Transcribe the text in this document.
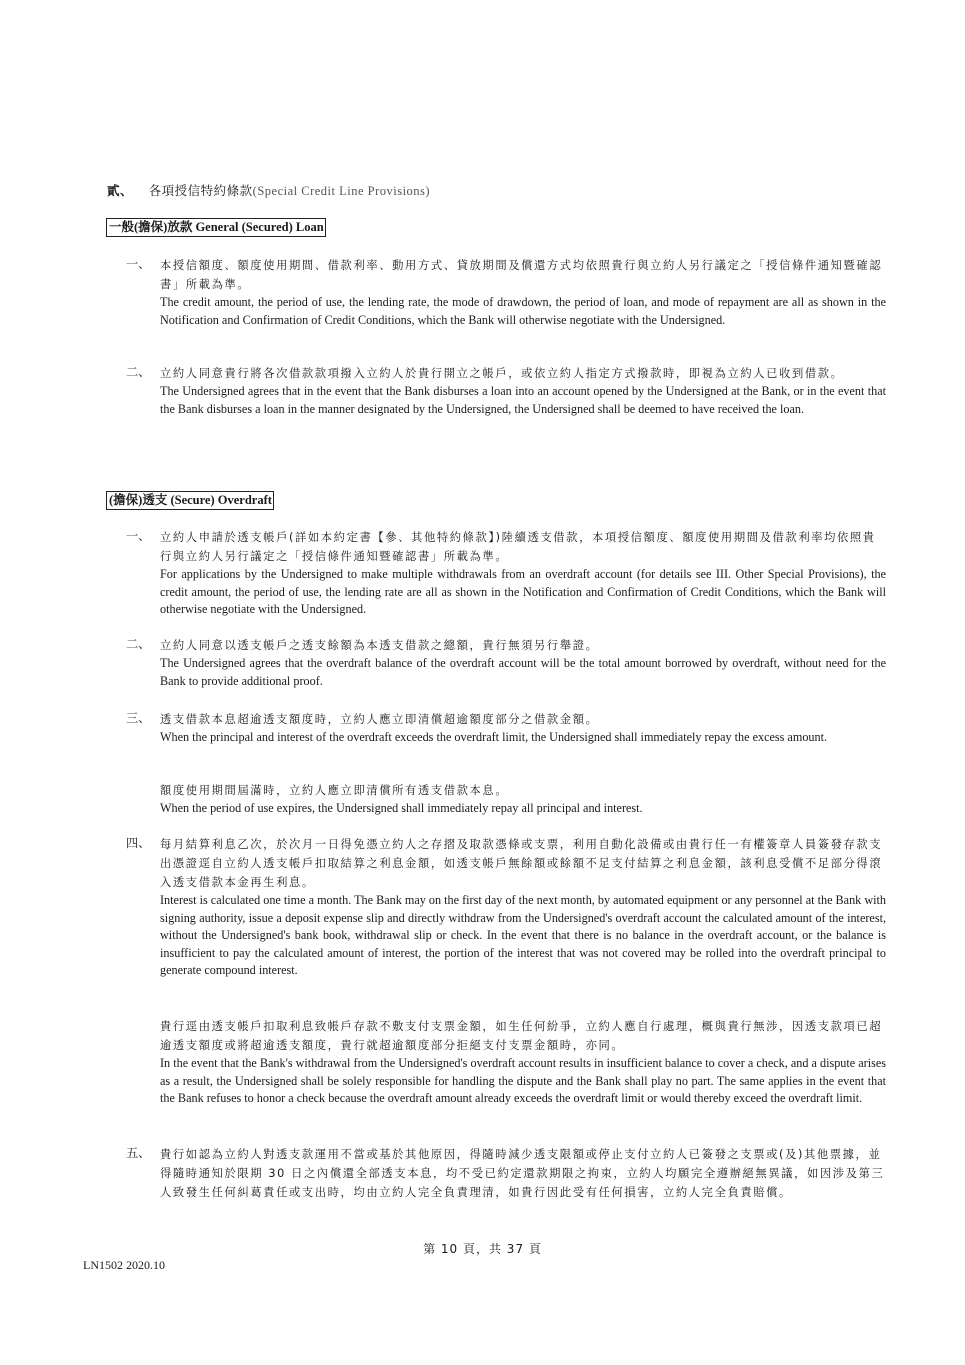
貳、 各項授信特約條款(Special Credit Line Provisions)
一般(擔保)放款 General (Secured) Loan
一、 本授信額度、額度使用期間、借款利率、動用方式、貸放期間及償還方式均依照貴行與立約人另行議定之「授信條件通知暨確認書」所載為準。
The credit amount, the period of use, the lending rate, the mode of drawdown, the period of loan, and mode of repayment are all as shown in the Notification and Confirmation of Credit Conditions, which the Bank will otherwise negotiate with the Undersigned.
二、 立約人同意貴行將各次借款款項撥入立約人於貴行開立之帳戶，或依立約人指定方式撥款時，即視為立約人已收到借款。
The Undersigned agrees that in the event that the Bank disburses a loan into an account opened by the Undersigned at the Bank, or in the event that the Bank disburses a loan in the manner designated by the Undersigned, the Undersigned shall be deemed to have received the loan.
(擔保)透支 (Secure) Overdraft
一、 立約人申請於透支帳戶(詳如本約定書【參、其他特約條款】)陸續透支借款，本項授信額度、額度使用期間及借款利率均依照貴行與立約人另行議定之「授信條件通知暨確認書」所載為準。
For applications by the Undersigned to make multiple withdrawals from an overdraft account (for details see III. Other Special Provisions), the credit amount, the period of use, the lending rate are all as shown in the Notification and Confirmation of Credit Conditions, which the Bank will otherwise negotiate with the Undersigned.
二、 立約人同意以透支帳戶之透支餘額為本透支借款之總額，貴行無須另行舉證。
The Undersigned agrees that the overdraft balance of the overdraft account will be the total amount borrowed by overdraft, without need for the Bank to provide additional proof.
三、 透支借款本息超逾透支額度時，立約人應立即清償超逾額度部分之借款金額。
When the principal and interest of the overdraft exceeds the overdraft limit, the Undersigned shall immediately repay the excess amount.
額度使用期間屆滿時，立約人應立即清償所有透支借款本息。
When the period of use expires, the Undersigned shall immediately repay all principal and interest.
四、 每月結算利息乙次，於次月一日得免憑立約人之存摺及取款憑條或支票，利用自動化設備或由貴行任一有權簽章人員簽發存款支出憑證逕自立約人透支帳戶扣取結算之利息金額，如透支帳戶無餘額或餘額不足支付結算之利息金額，該利息受償不足部分得滾入透支借款本金再生利息。
Interest is calculated one time a month. The Bank may on the first day of the next month, by automated equipment or any personnel at the Bank with signing authority, issue a deposit expense slip and directly withdraw from the Undersigned's overdraft account the calculated amount of the interest, without the Undersigned's bank book, withdrawal slip or check. In the event that there is no balance in the overdraft account, or the balance is insufficient to pay the calculated amount of interest, the portion of the interest that was not covered may be rolled into the overdraft principal to generate compound interest.
貴行逕由透支帳戶扣取利息致帳戶存款不敷支付支票金額，如生任何紛爭，立約人應自行處理，概與貴行無涉，因透支款項已超逾透支額度或將超逾透支額度，貴行就超逾額度部分拒絕支付支票金額時，亦同。
In the event that the Bank's withdrawal from the Undersigned's overdraft account results in insufficient balance to cover a check, and a dispute arises as a result, the Undersigned shall be solely responsible for handling the dispute and the Bank shall play no part. The same applies in the event that the Bank refuses to honor a check because the overdraft amount already exceeds the overdraft limit or would thereby exceed the overdraft limit.
五、 貴行如認為立約人對透支款運用不當或基於其他原因，得隨時減少透支限額或停止支付立約人已簽發之支票或(及)其他票據，並得隨時通知於限期 30 日之內償還全部透支本息，均不受已約定還款期限之拘束，立約人均願完全遵辦絕無異議，如因涉及第三人致發生任何糾葛責任或支出時，均由立約人完全負責理清，如貴行因此受有任何損害，立約人完全負責賠償。
第 10 頁，共 37 頁
LN1502 2020.10
